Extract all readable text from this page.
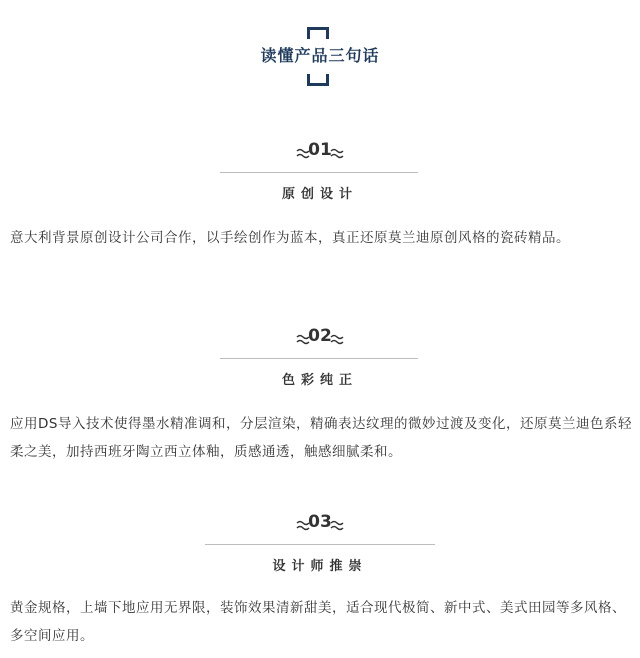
读懂产品三句话
01
原创设计

意大利背景原创设计公司合作，以手绘创作为蓝本，真正还原莫兰迪原创风格的瓷砖精品。

02
色彩纯正

应用DS导入技术使得墨水精准调和，分层渲染，精确表达纹理的微妙过渡及变化，还原莫兰迪色系轻柔之美，加持西班牙陶立西立体釉，质感通透，触感细腻柔和。

03
设计师推崇

黄金规格，上墙下地应用无界限，装饰效果清新甜美，适合现代极简、新中式、美式田园等多风格、多空间应用。
